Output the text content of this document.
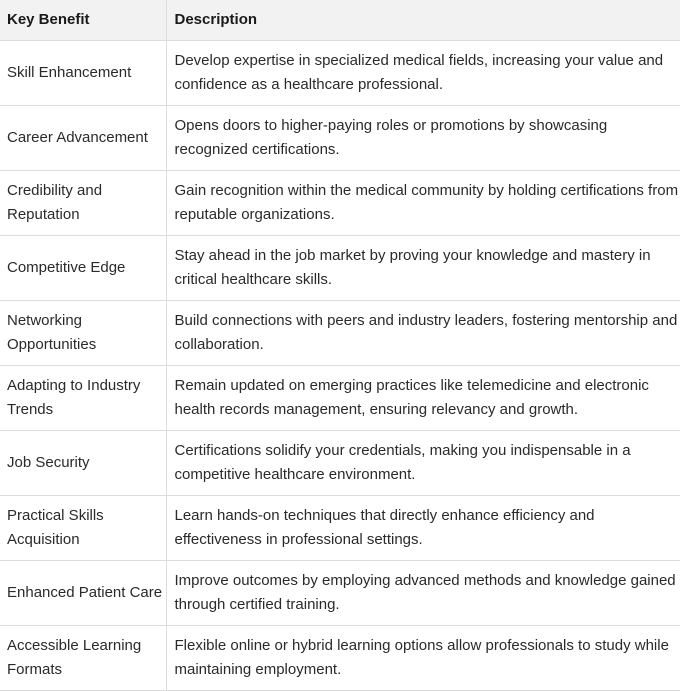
Key Benefit	Description
Skill Enhancement	Develop expertise in specialized medical fields, increasing your value and confidence as a healthcare professional.
Career Advancement	Opens doors to higher-paying roles or promotions by showcasing recognized certifications.
Credibility and Reputation	Gain recognition within the medical community by holding certifications from reputable organizations.
Competitive Edge	Stay ahead in the job market by proving your knowledge and mastery in critical healthcare skills.
Networking Opportunities	Build connections with peers and industry leaders, fostering mentorship and collaboration.
Adapting to Industry Trends	Remain updated on emerging practices like telemedicine and electronic health records management, ensuring relevancy and growth.
Job Security	Certifications solidify your credentials, making you indispensable in a competitive healthcare environment.
Practical Skills Acquisition	Learn hands-on techniques that directly enhance efficiency and effectiveness in professional settings.
Enhanced Patient Care	Improve outcomes by employing advanced methods and knowledge gained through certified training.
Accessible Learning Formats	Flexible online or hybrid learning options allow professionals to study while maintaining employment.
